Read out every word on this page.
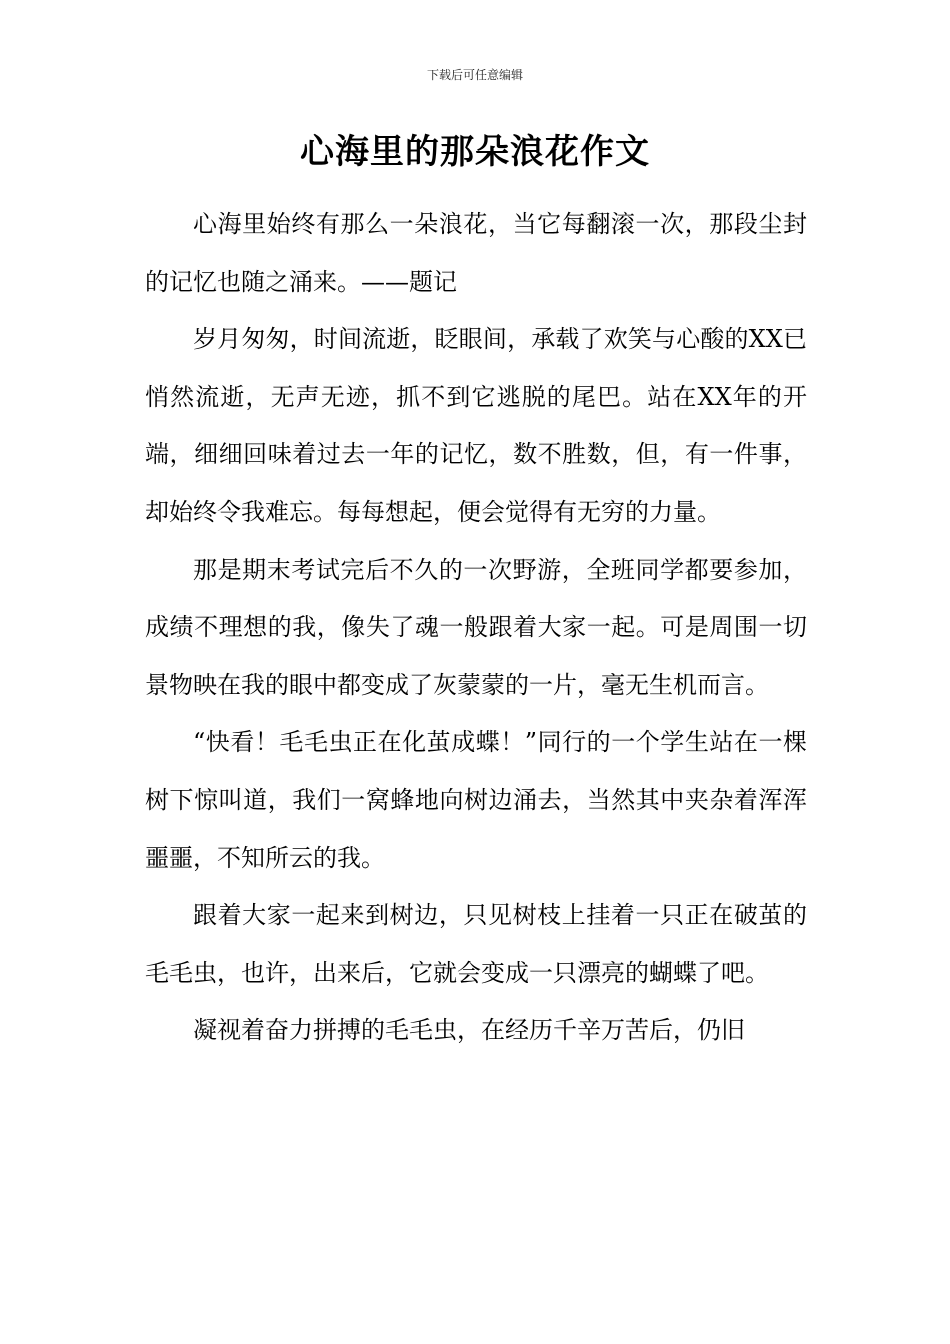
下载后可任意编辑
心海里的那朵浪花作文

心海里始终有那么一朵浪花，当它每翻滚一次，那段尘封的记忆也随之涌来。——题记

岁月匆匆，时间流逝，眨眼间，承载了欢笑与心酸的XX已悄然流逝，无声无迹，抓不到它逃脱的尾巴。站在XX年的开端，细细回味着过去一年的记忆，数不胜数，但，有一件事，却始终令我难忘。每每想起，便会觉得有无穷的力量。

那是期末考试完后不久的一次野游，全班同学都要参加，成绩不理想的我，像失了魂一般跟着大家一起。可是周围一切景物映在我的眼中都变成了灰蒙蒙的一片，毫无生机而言。

“快看！毛毛虫正在化茧成蝶！”同行的一个学生站在一棵树下惊叫道，我们一窝蜂地向树边涌去，当然其中夹杂着浑浑噩噩，不知所云的我。

跟着大家一起来到树边，只见树枝上挂着一只正在破茧的毛毛虫，也许，出来后，它就会变成一只漂亮的蝴蝶了吧。

凝视着奋力拼搏的毛毛虫，在经历千辛万苦后，仍旧
